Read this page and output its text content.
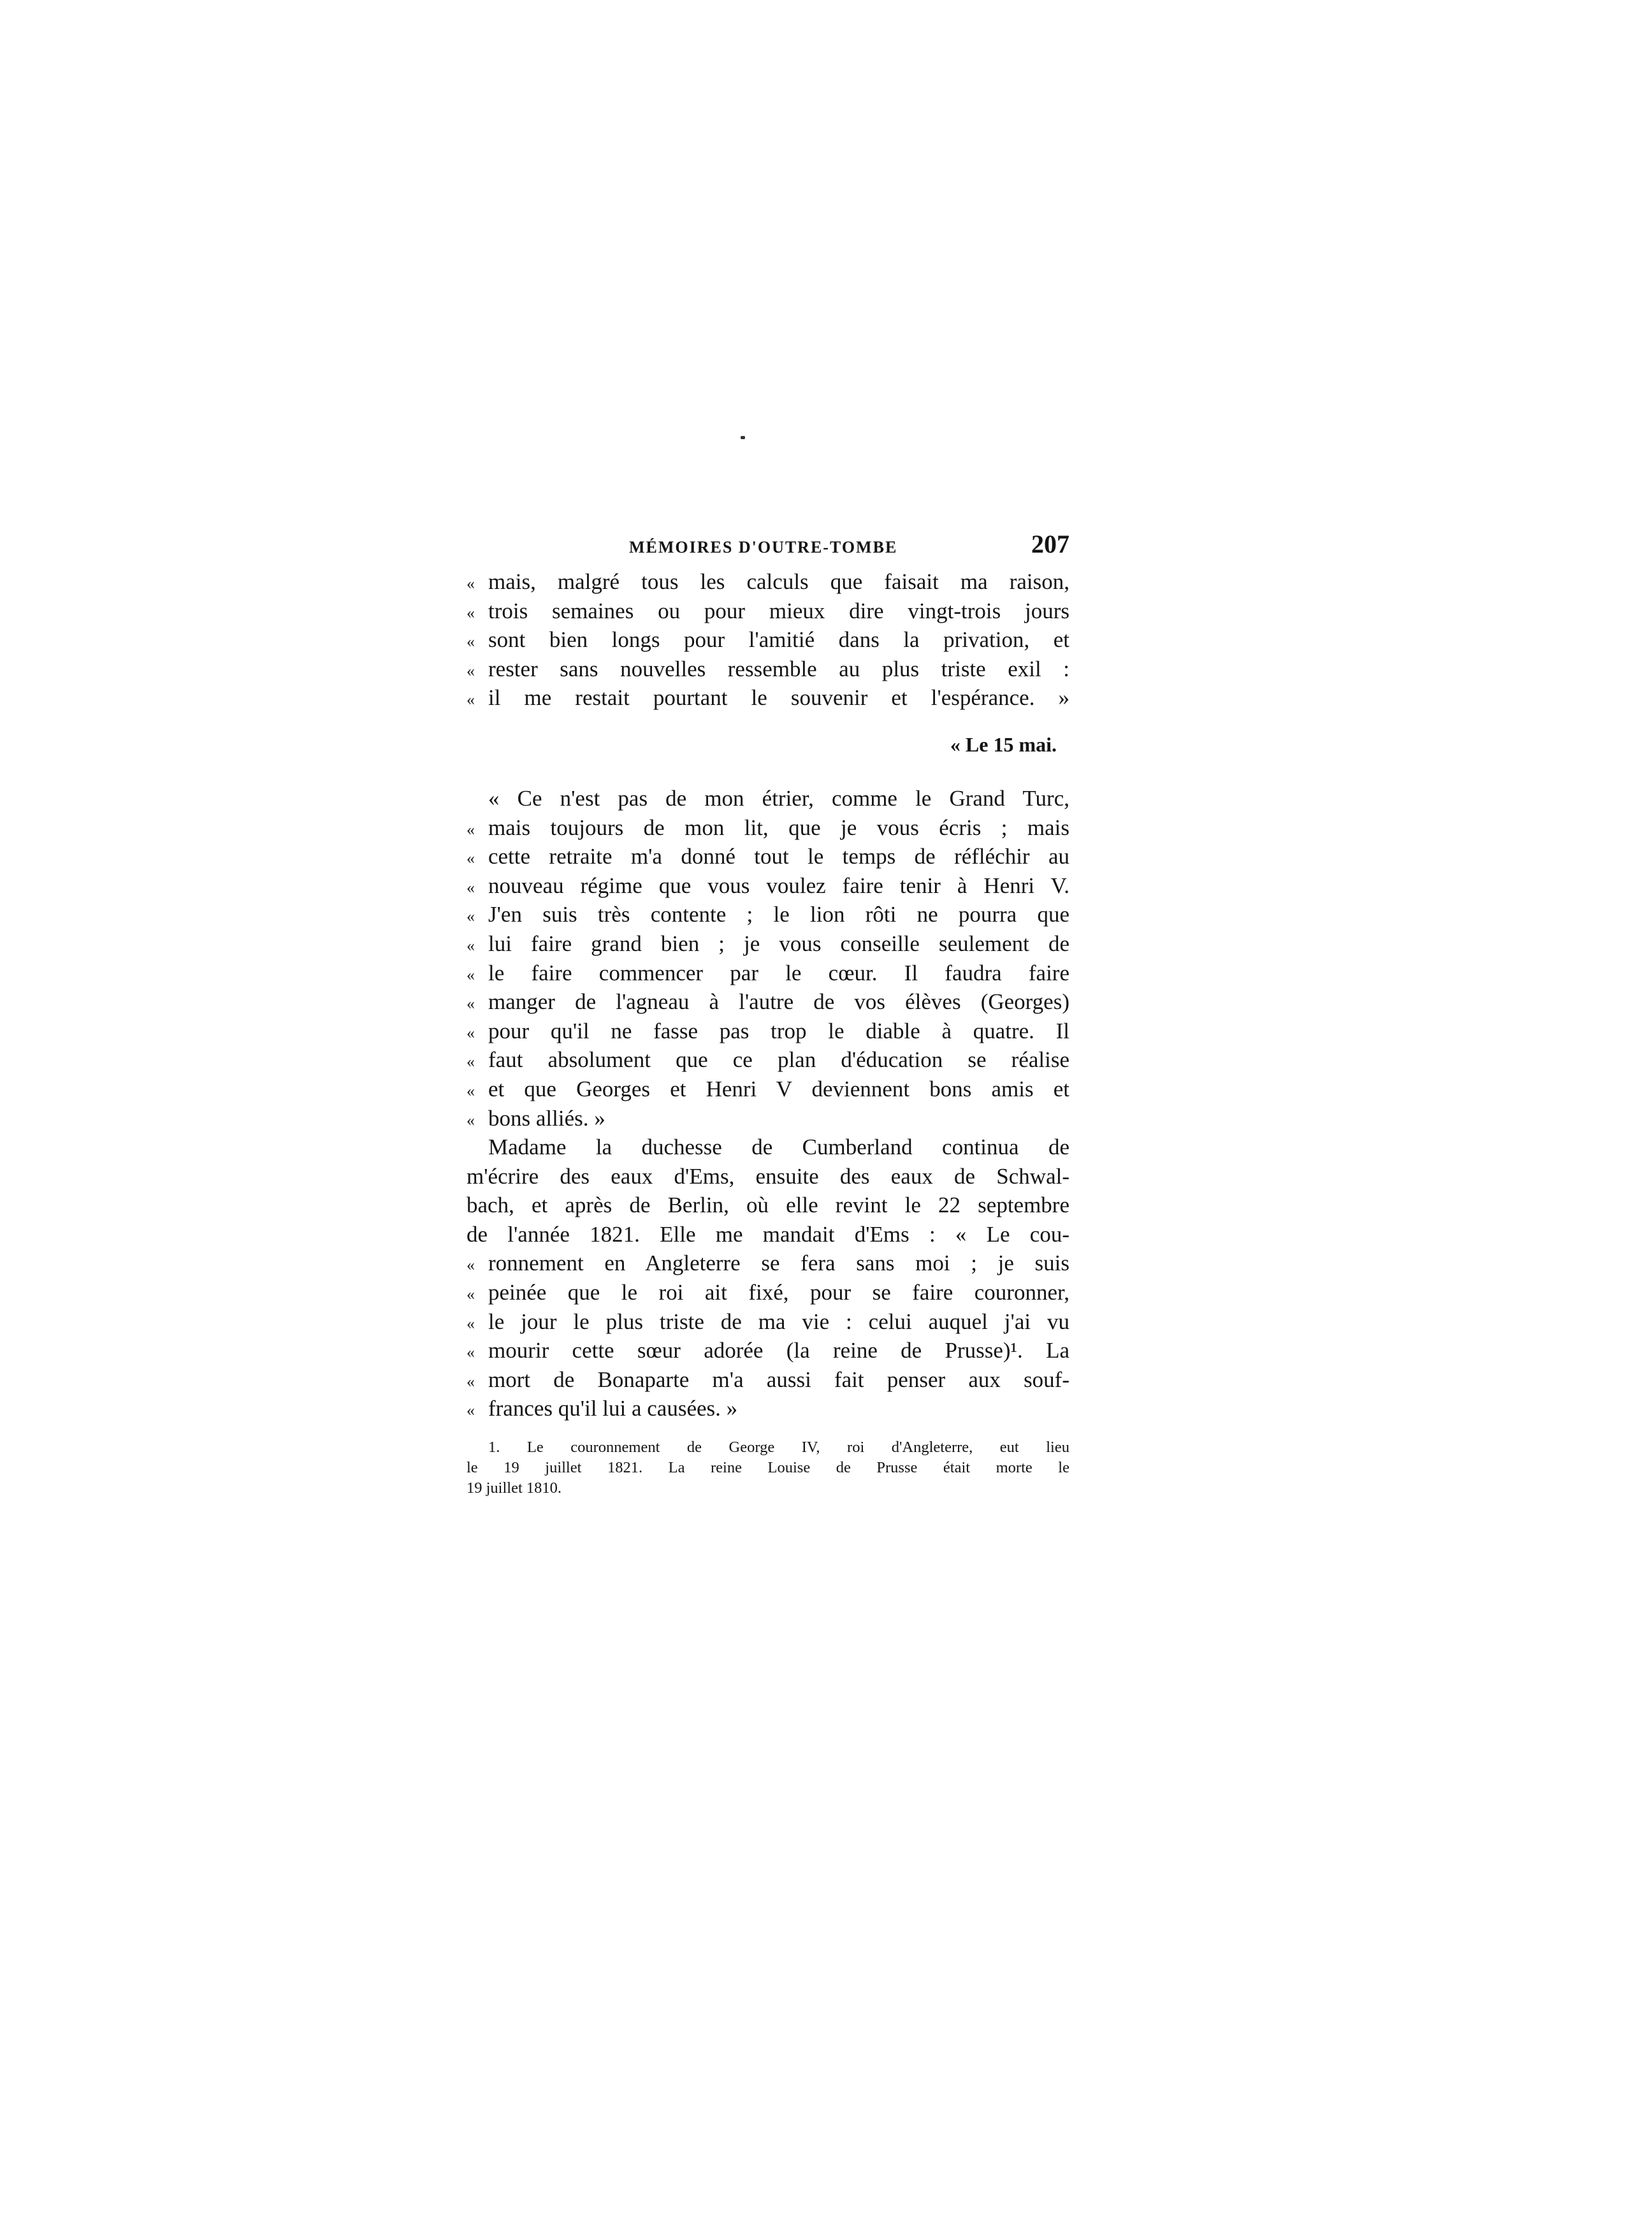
MÉMOIRES D'OUTRE-TOMBE	207
« mais, malgré tous les calculs que faisait ma raison,
« trois semaines ou pour mieux dire vingt-trois jours
« sont bien longs pour l'amitié dans la privation, et
« rester sans nouvelles ressemble au plus triste exil :
« il me restait pourtant le souvenir et l'espérance. »
« Le 15 mai.
« Ce n'est pas de mon étrier, comme le Grand Turc,
« mais toujours de mon lit, que je vous écris ; mais
« cette retraite m'a donné tout le temps de réfléchir au
« nouveau régime que vous voulez faire tenir à Henri V.
« J'en suis très contente ; le lion rôti ne pourra que
« lui faire grand bien ; je vous conseille seulement de
« le faire commencer par le cœur. Il faudra faire
« manger de l'agneau à l'autre de vos élèves (Georges)
« pour qu'il ne fasse pas trop le diable à quatre. Il
« faut absolument que ce plan d'éducation se réalise
« et que Georges et Henri V deviennent bons amis et
« bons alliés. »
Madame la duchesse de Cumberland continua de
m'écrire des eaux d'Ems, ensuite des eaux de Schwal-
bach, et après de Berlin, où elle revint le 22 septembre
de l'année 1821. Elle me mandait d'Ems : « Le cou-
« ronnement en Angleterre se fera sans moi ; je suis
« peinée que le roi ait fixé, pour se faire couronner,
« le jour le plus triste de ma vie : celui auquel j'ai vu
« mourir cette sœur adorée (la reine de Prusse)¹. La
« mort de Bonaparte m'a aussi fait penser aux souf-
« frances qu'il lui a causées. »
1. Le couronnement de George IV, roi d'Angleterre, eut lieu
le 19 juillet 1821. La reine Louise de Prusse était morte le
19 juillet 1810.
